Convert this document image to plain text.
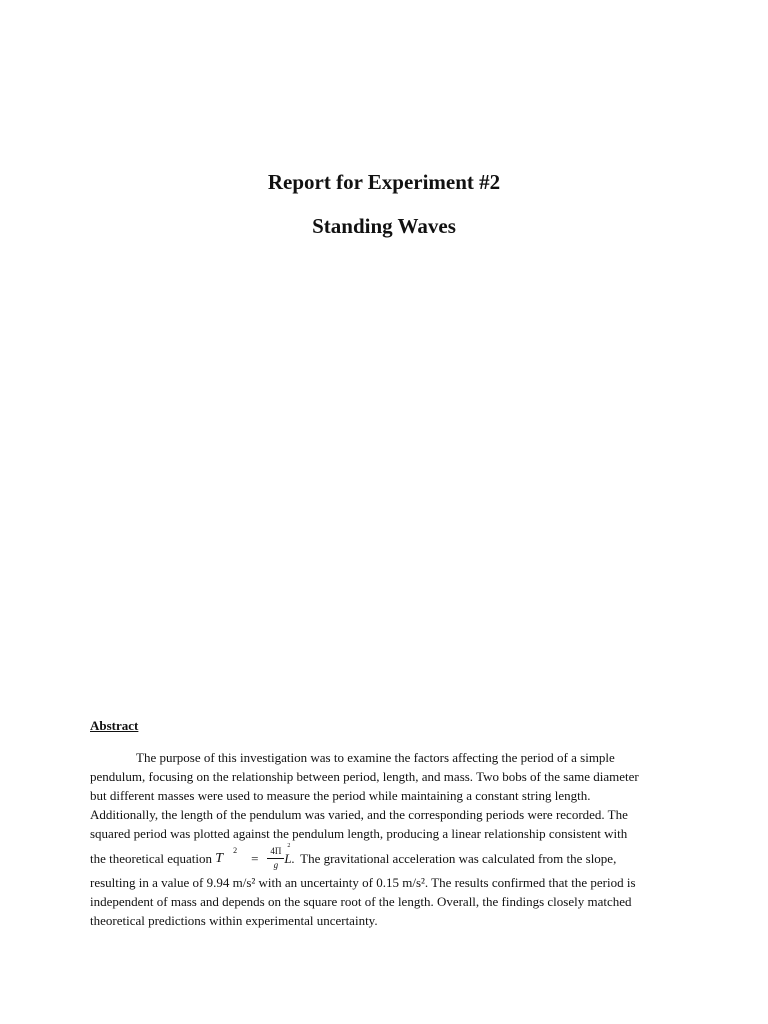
Report for Experiment #2
Standing Waves
Abstract
The purpose of this investigation was to examine the factors affecting the period of a simple
pendulum, focusing on the relationship between period, length, and mass. Two bobs of the same diameter
but different masses were used to measure the period while maintaining a constant string length.
Additionally, the length of the pendulum was varied, and the corresponding periods were recorded. The
squared period was plotted against the pendulum length, producing a linear relationship consistent with
the theoretical equation
T
$^2$
= $\frac{4\Pi 2}{g} L$.
The gravitational acceleration was calculated from the slope,
resulting in a value of 9.94 m/s² with an uncertainty of 0.15 m/s². The results confirmed that the period is
independent of mass and depends on the square root of the length. Overall, the findings closely matched
theoretical predictions within experimental uncertainty.
